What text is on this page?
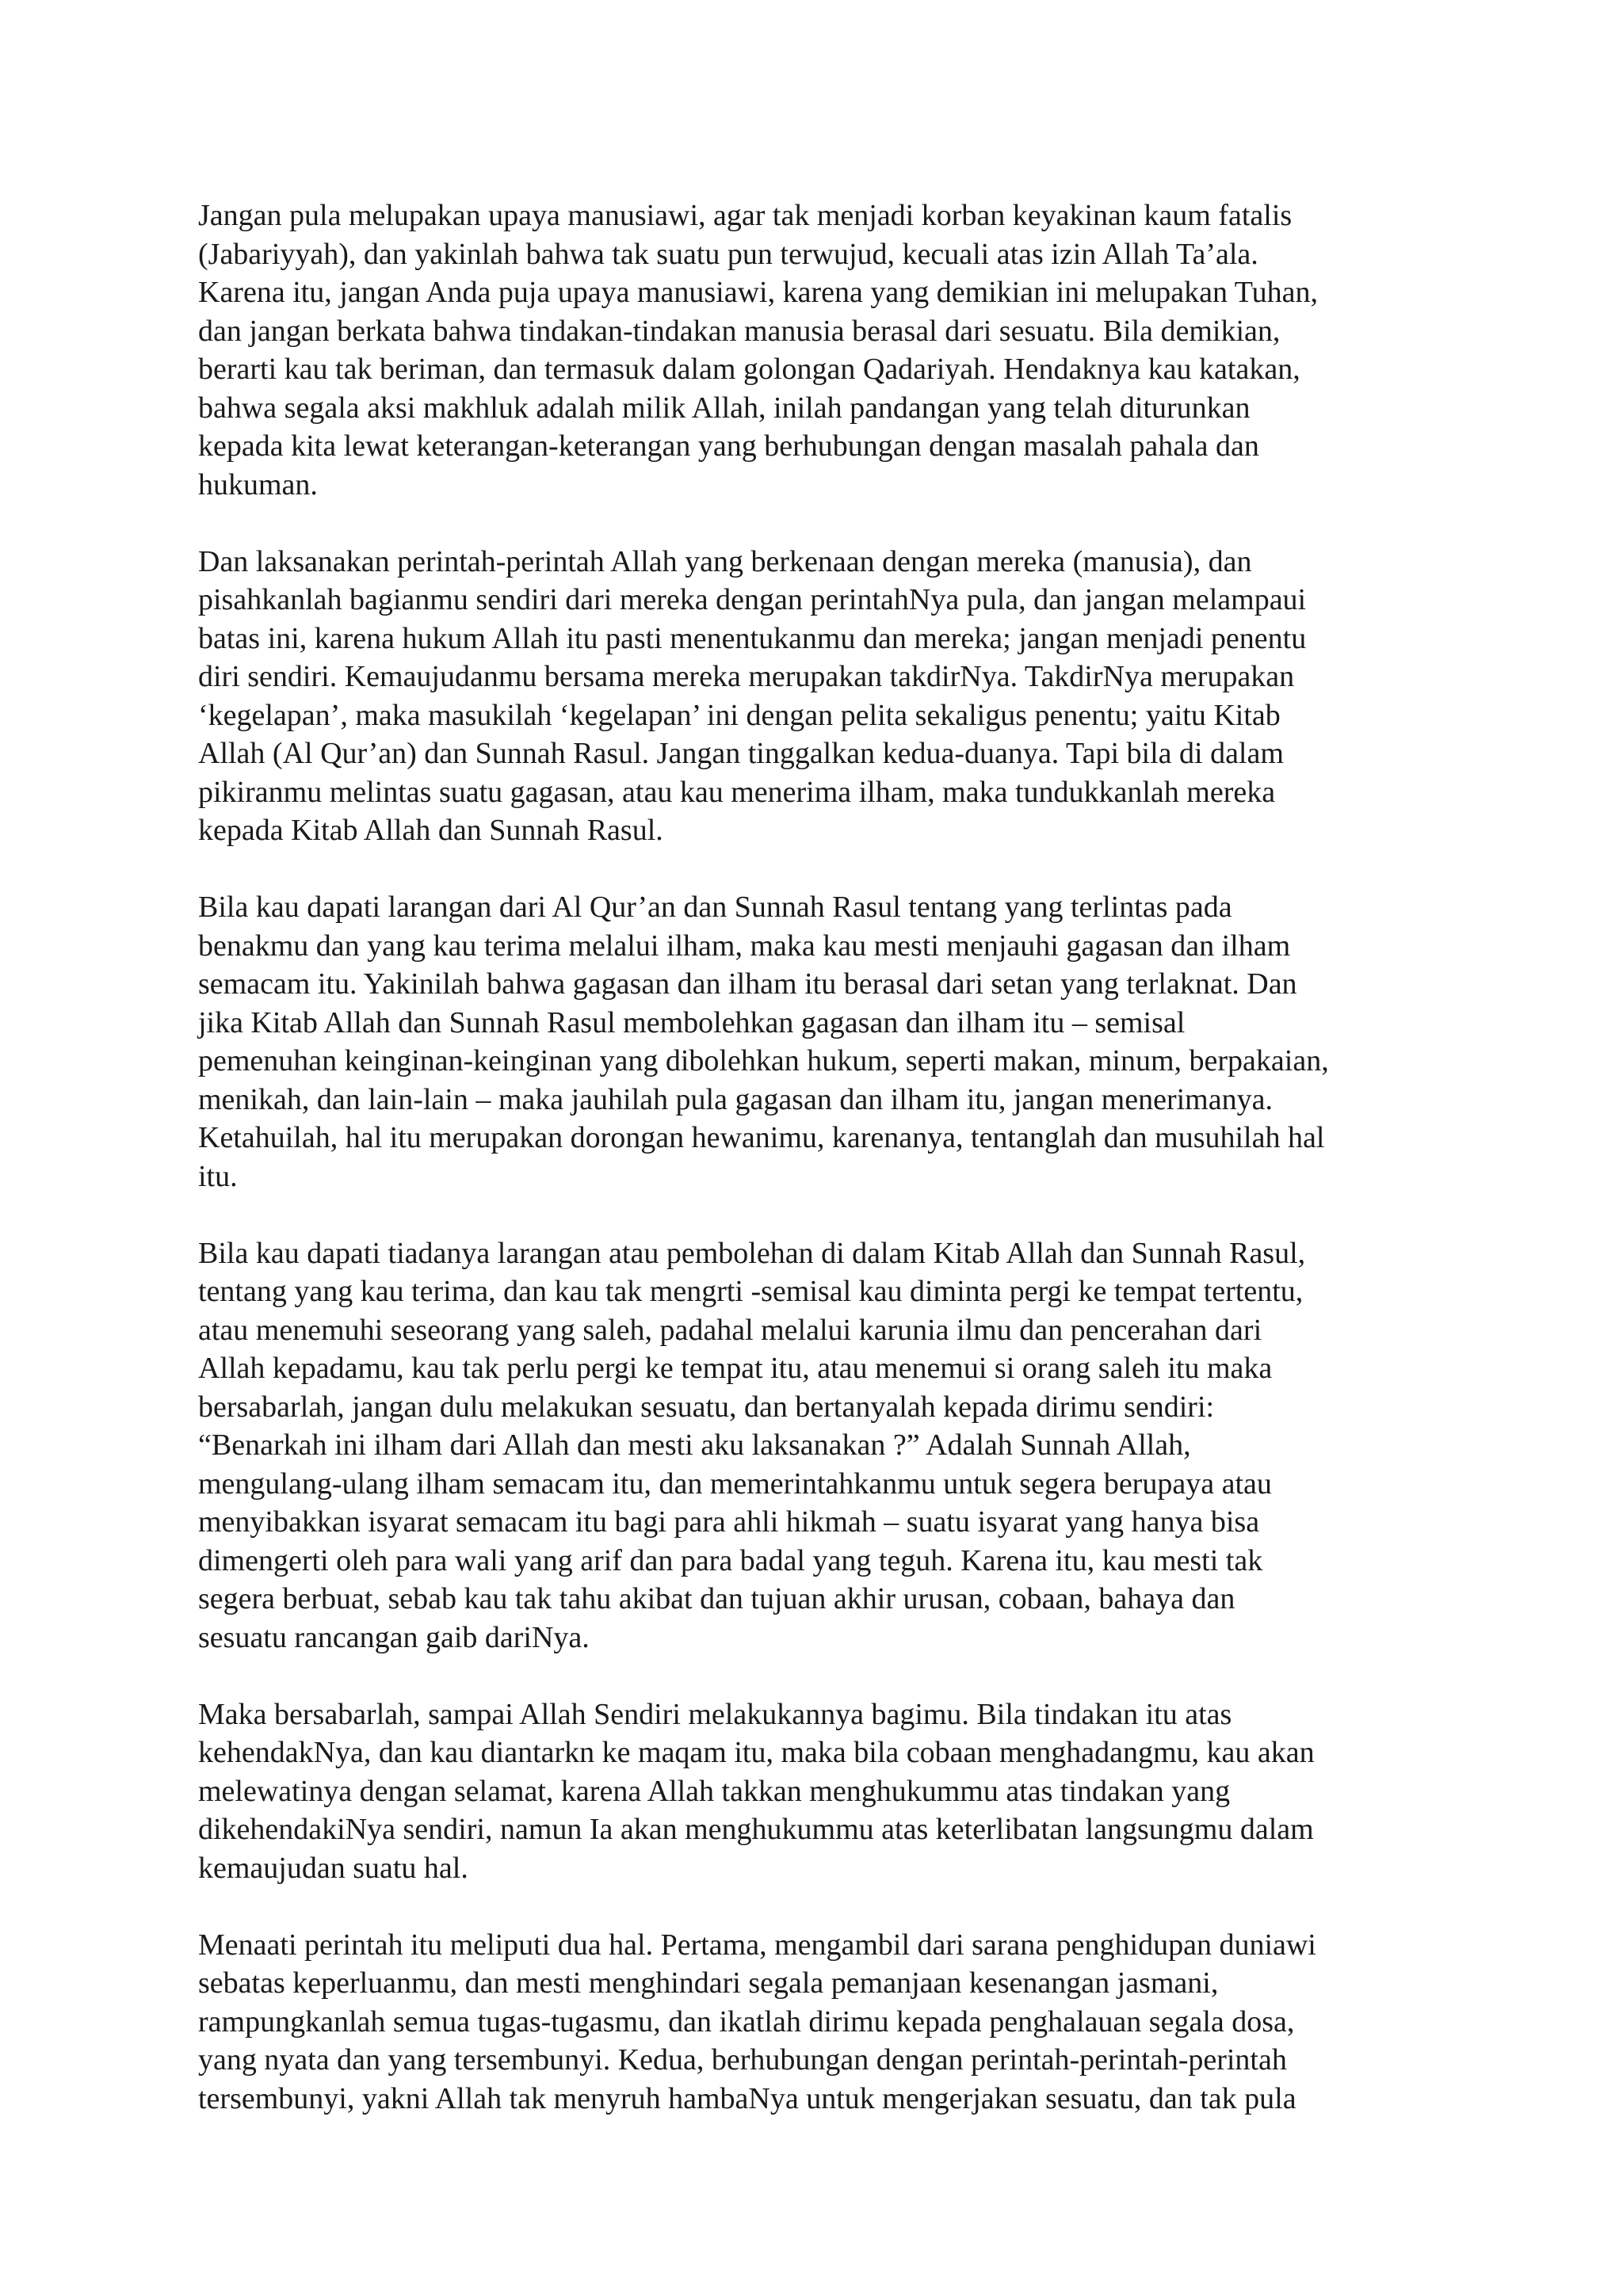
Jangan pula melupakan upaya manusiawi, agar tak menjadi korban keyakinan kaum fatalis
(Jabariyyah), dan yakinlah bahwa tak suatu pun terwujud, kecuali atas izin Allah Ta’ala.
Karena itu, jangan Anda puja upaya manusiawi, karena yang demikian ini melupakan Tuhan,
dan jangan berkata bahwa tindakan-tindakan manusia berasal dari sesuatu. Bila demikian,
berarti kau tak beriman, dan termasuk dalam golongan Qadariyah. Hendaknya kau katakan,
bahwa segala aksi makhluk adalah milik Allah, inilah pandangan yang telah diturunkan
kepada kita lewat keterangan-keterangan yang berhubungan dengan masalah pahala dan
hukuman.

Dan laksanakan perintah-perintah Allah yang berkenaan dengan mereka (manusia), dan
pisahkanlah bagianmu sendiri dari mereka dengan perintahNya pula, dan jangan melampaui
batas ini, karena hukum Allah itu pasti menentukanmu dan mereka; jangan menjadi penentu
diri sendiri. Kemaujudanmu bersama mereka merupakan takdirNya. TakdirNya merupakan
‘kegelapan’, maka masukilah ‘kegelapan’ ini dengan pelita sekaligus penentu; yaitu Kitab
Allah (Al Qur’an) dan Sunnah Rasul. Jangan tinggalkan kedua-duanya. Tapi bila di dalam
pikiranmu melintas suatu gagasan, atau kau menerima ilham, maka tundukkanlah mereka
kepada Kitab Allah dan Sunnah Rasul.

Bila kau dapati larangan dari Al Qur’an dan Sunnah Rasul tentang yang terlintas pada
benakmu dan yang kau terima melalui ilham, maka kau mesti menjauhi gagasan dan ilham
semacam itu. Yakinilah bahwa gagasan dan ilham itu berasal dari setan yang terlaknat. Dan
jika Kitab Allah dan Sunnah Rasul membolehkan gagasan dan ilham itu – semisal
pemenuhan keinginan-keinginan yang dibolehkan hukum, seperti makan, minum, berpakaian,
menikah, dan lain-lain – maka jauhilah pula gagasan dan ilham itu, jangan menerimanya.
Ketahuilah, hal itu merupakan dorongan hewanimu, karenanya, tentanglah dan musuhilah hal
itu.

Bila kau dapati tiadanya larangan atau pembolehan di dalam Kitab Allah dan Sunnah Rasul,
tentang yang kau terima, dan kau tak mengrti -semisal kau diminta pergi ke tempat tertentu,
atau menemuhi seseorang yang saleh, padahal melalui karunia ilmu dan pencerahan dari
Allah kepadamu, kau tak perlu pergi ke tempat itu, atau menemui si orang saleh itu maka
bersabarlah, jangan dulu melakukan sesuatu, dan bertanyalah kepada dirimu sendiri:
“Benarkah ini ilham dari Allah dan mesti aku laksanakan ?” Adalah Sunnah Allah,
mengulang-ulang ilham semacam itu, dan memerintahkanmu untuk segera berupaya atau
menyibakkan isyarat semacam itu bagi para ahli hikmah – suatu isyarat yang hanya bisa
dimengerti oleh para wali yang arif dan para badal yang teguh. Karena itu, kau mesti tak
segera berbuat, sebab kau tak tahu akibat dan tujuan akhir urusan, cobaan, bahaya dan
sesuatu rancangan gaib dariNya.

Maka bersabarlah, sampai Allah Sendiri melakukannya bagimu. Bila tindakan itu atas
kehendakNya, dan kau diantarkn ke maqam itu, maka bila cobaan menghadangmu, kau akan
melewatinya dengan selamat, karena Allah takkan menghukummu atas tindakan yang
dikehendakiNya sendiri, namun Ia akan menghukummu atas keterlibatan langsungmu dalam
kemaujudan suatu hal.

Menaati perintah itu meliputi dua hal. Pertama, mengambil dari sarana penghidupan duniawi
sebatas keperluanmu, dan mesti menghindari segala pemanjaan kesenangan jasmani,
rampungkanlah semua tugas-tugasmu, dan ikatlah dirimu kepada penghalauan segala dosa,
yang nyata dan yang tersembunyi. Kedua, berhubungan dengan perintah-perintah-perintah
tersembunyi, yakni Allah tak menyruh hambaNya untuk mengerjakan sesuatu, dan tak pula
